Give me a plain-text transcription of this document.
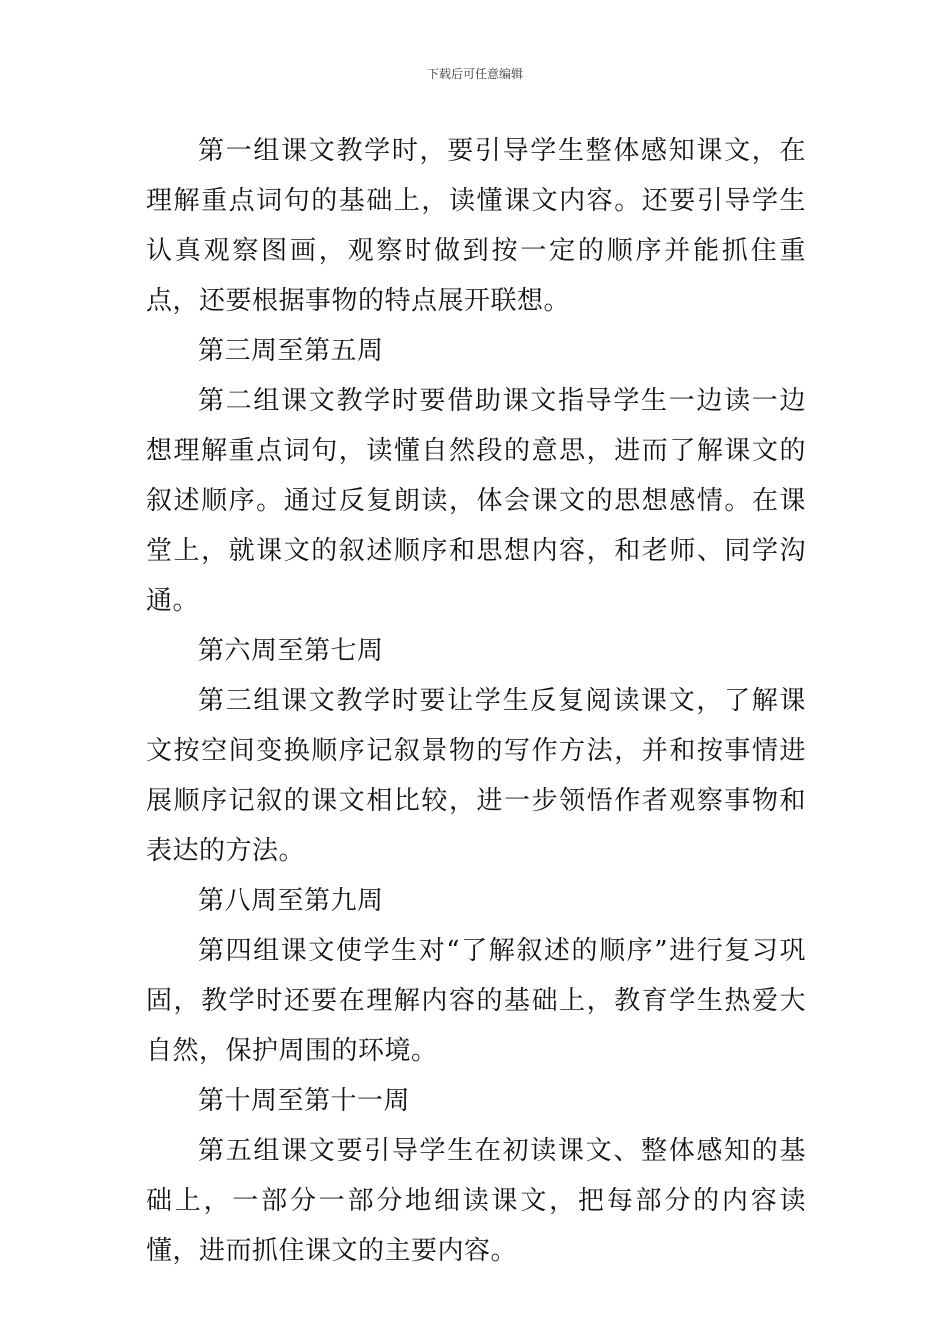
下载后可任意编辑

第一组课文教学时，要引导学生整体感知课文，在理解重点词句的基础上，读懂课文内容。还要引导学生认真观察图画，观察时做到按一定的顺序并能抓住重点，还要根据事物的特点展开联想。

第三周至第五周

第二组课文教学时要借助课文指导学生一边读一边想理解重点词句，读懂自然段的意思，进而了解课文的叙述顺序。通过反复朗读，体会课文的思想感情。在课堂上，就课文的叙述顺序和思想内容，和老师、同学沟通。

第六周至第七周

第三组课文教学时要让学生反复阅读课文，了解课文按空间变换顺序记叙景物的写作方法，并和按事情进展顺序记叙的课文相比较，进一步领悟作者观察事物和表达的方法。

第八周至第九周

第四组课文使学生对“了解叙述的顺序”进行复习巩固，教学时还要在理解内容的基础上，教育学生热爱大自然，保护周围的环境。

第十周至第十一周

第五组课文要引导学生在初读课文、整体感知的基础上，一部分一部分地细读课文，把每部分的内容读懂，进而抓住课文的主要内容。
